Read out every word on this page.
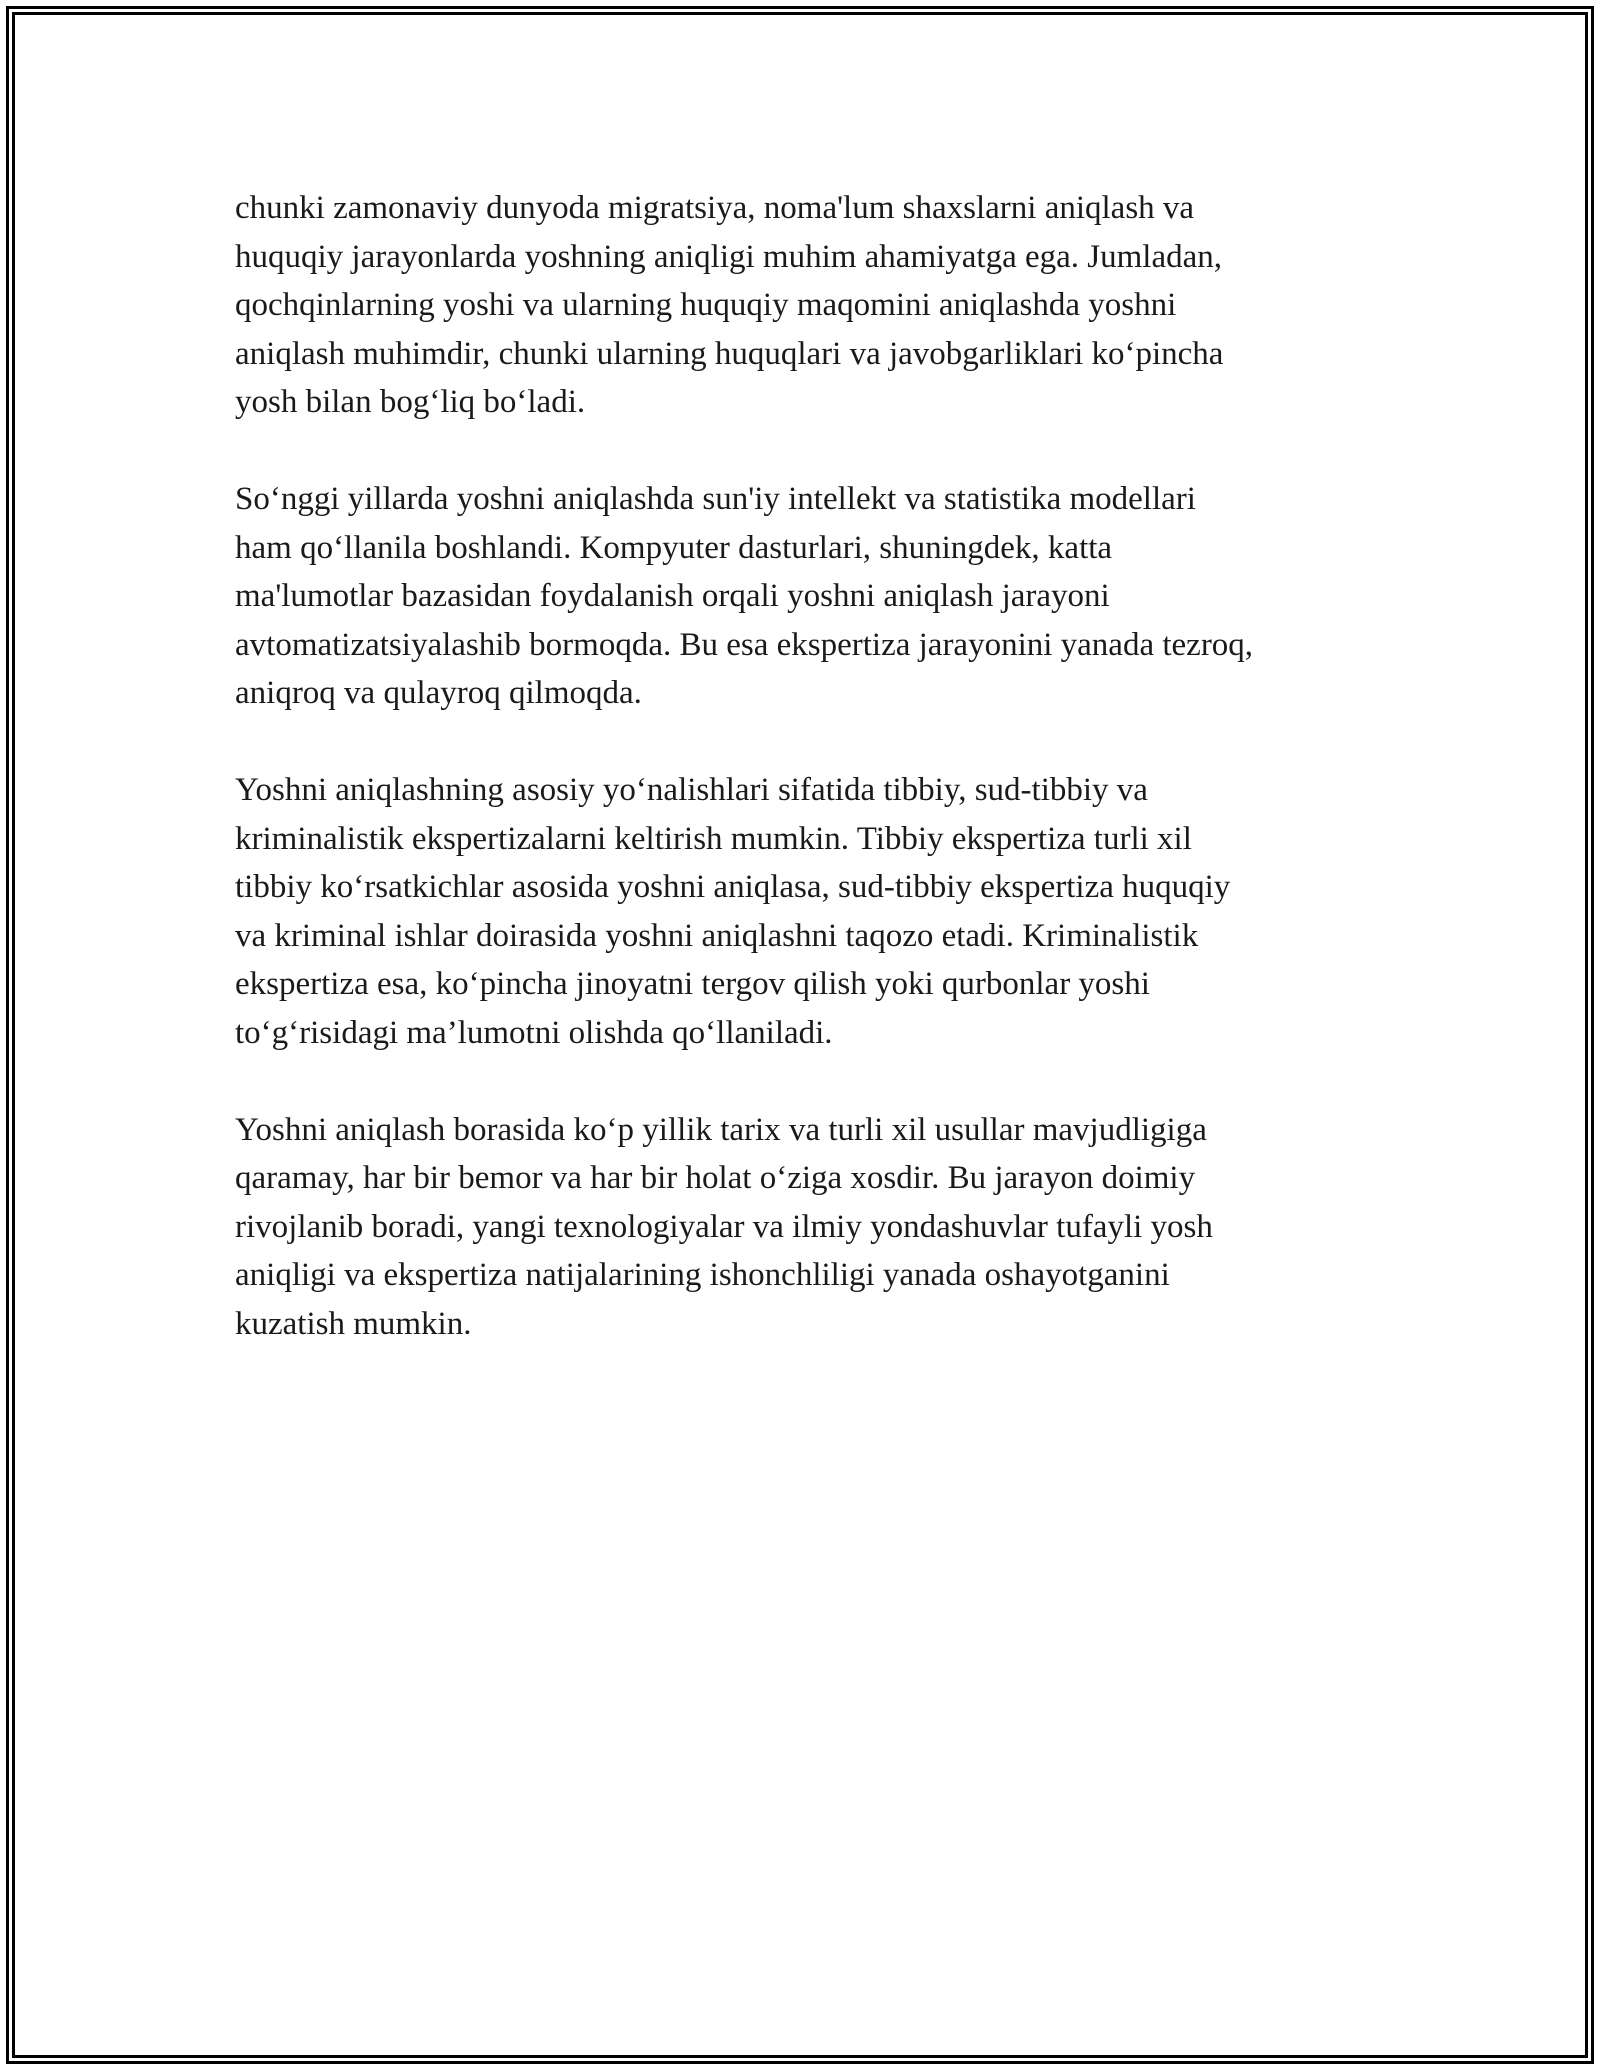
chunki zamonaviy dunyoda migratsiya, noma'lum shaxslarni aniqlash va
huquqiy jarayonlarda yoshning aniqligi muhim ahamiyatga ega. Jumladan,
qochqinlarning yoshi va ularning huquqiy maqomini aniqlashda yoshni
aniqlash muhimdir, chunki ularning huquqlari va javobgarliklari ko‘pincha
yosh bilan bog‘liq bo‘ladi.

So‘nggi yillarda yoshni aniqlashda sun'iy intellekt va statistika modellari
ham qo‘llanila boshlandi. Kompyuter dasturlari, shuningdek, katta
ma'lumotlar bazasidan foydalanish orqali yoshni aniqlash jarayoni
avtomatizatsiyalashib bormoqda. Bu esa ekspertiza jarayonini yanada tezroq,
aniqroq va qulayroq qilmoqda.

Yoshni aniqlashning asosiy yo‘nalishlari sifatida tibbiy, sud-tibbiy va
kriminalistik ekspertizalarni keltirish mumkin. Tibbiy ekspertiza turli xil
tibbiy ko‘rsatkichlar asosida yoshni aniqlasa, sud-tibbiy ekspertiza huquqiy
va kriminal ishlar doirasida yoshni aniqlashni taqozo etadi. Kriminalistik
ekspertiza esa, ko‘pincha jinoyatni tergov qilish yoki qurbonlar yoshi
to‘g‘risidagi ma’lumotni olishda qo‘llaniladi.

Yoshni aniqlash borasida ko‘p yillik tarix va turli xil usullar mavjudligiga
qaramay, har bir bemor va har bir holat o‘ziga xosdir. Bu jarayon doimiy
rivojlanib boradi, yangi texnologiyalar va ilmiy yondashuvlar tufayli yosh
aniqligi va ekspertiza natijalarining ishonchliligi yanada oshayotganini
kuzatish mumkin.
